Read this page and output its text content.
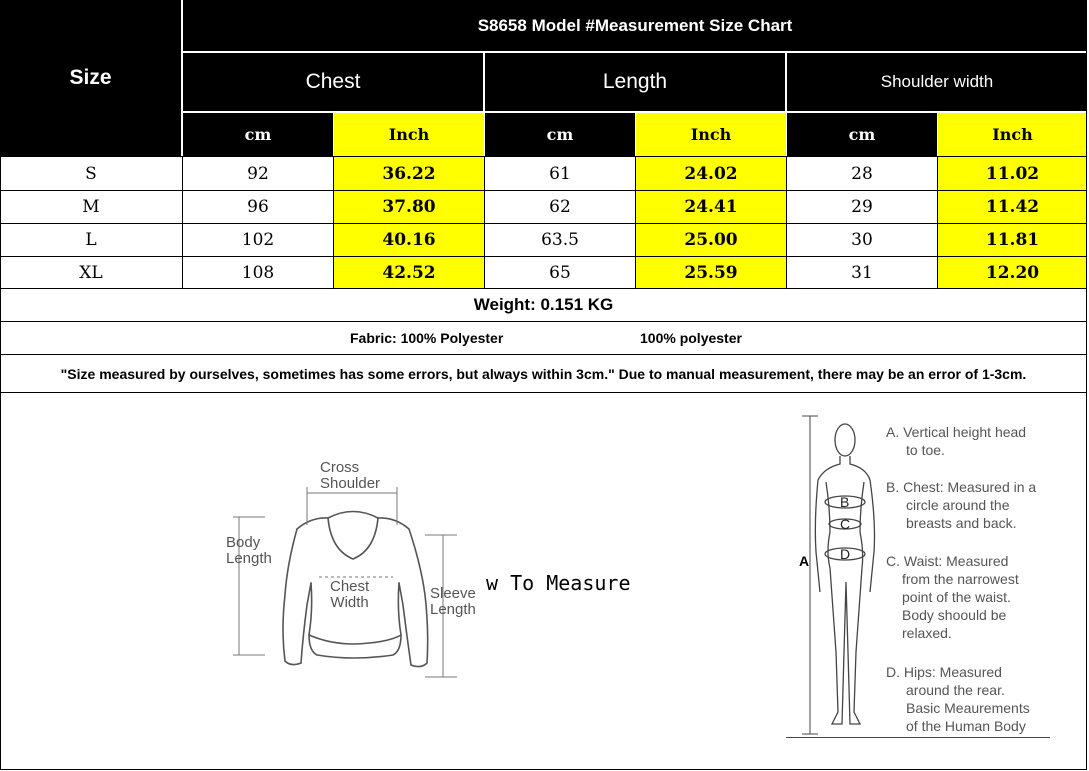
Size
S8658 Model #Measurement Size Chart
Chest	Length	Shoulder width
cm	Inch	cm	Inch	cm	Inch
S	92	36.22	61	24.02	28	11.02
M	96	37.80	62	24.41	29	11.42
L	102	40.16	63.5	25.00	30	11.81
XL	108	42.52	65	25.59	31	12.20
Weight: 0.151 KG
Fabric: 100% Polyester	100% polyester
"Size measured by ourselves, sometimes has some errors, but always within 3cm." Due to manual measurement, there may be an error of 1-3cm.
Cross
Shoulder
Body
Length
Chest
Width
Sleeve
Length
w To Measure
A
B
C
D
A. Vertical height head
to toe.
B. Chest: Measured in a
circle around the
breasts and back.
C. Waist: Measured
from the narrowest
point of the waist.
Body shoould be
relaxed.
D. Hips: Measured
around the rear.
Basic Meaurements
of the Human Body
